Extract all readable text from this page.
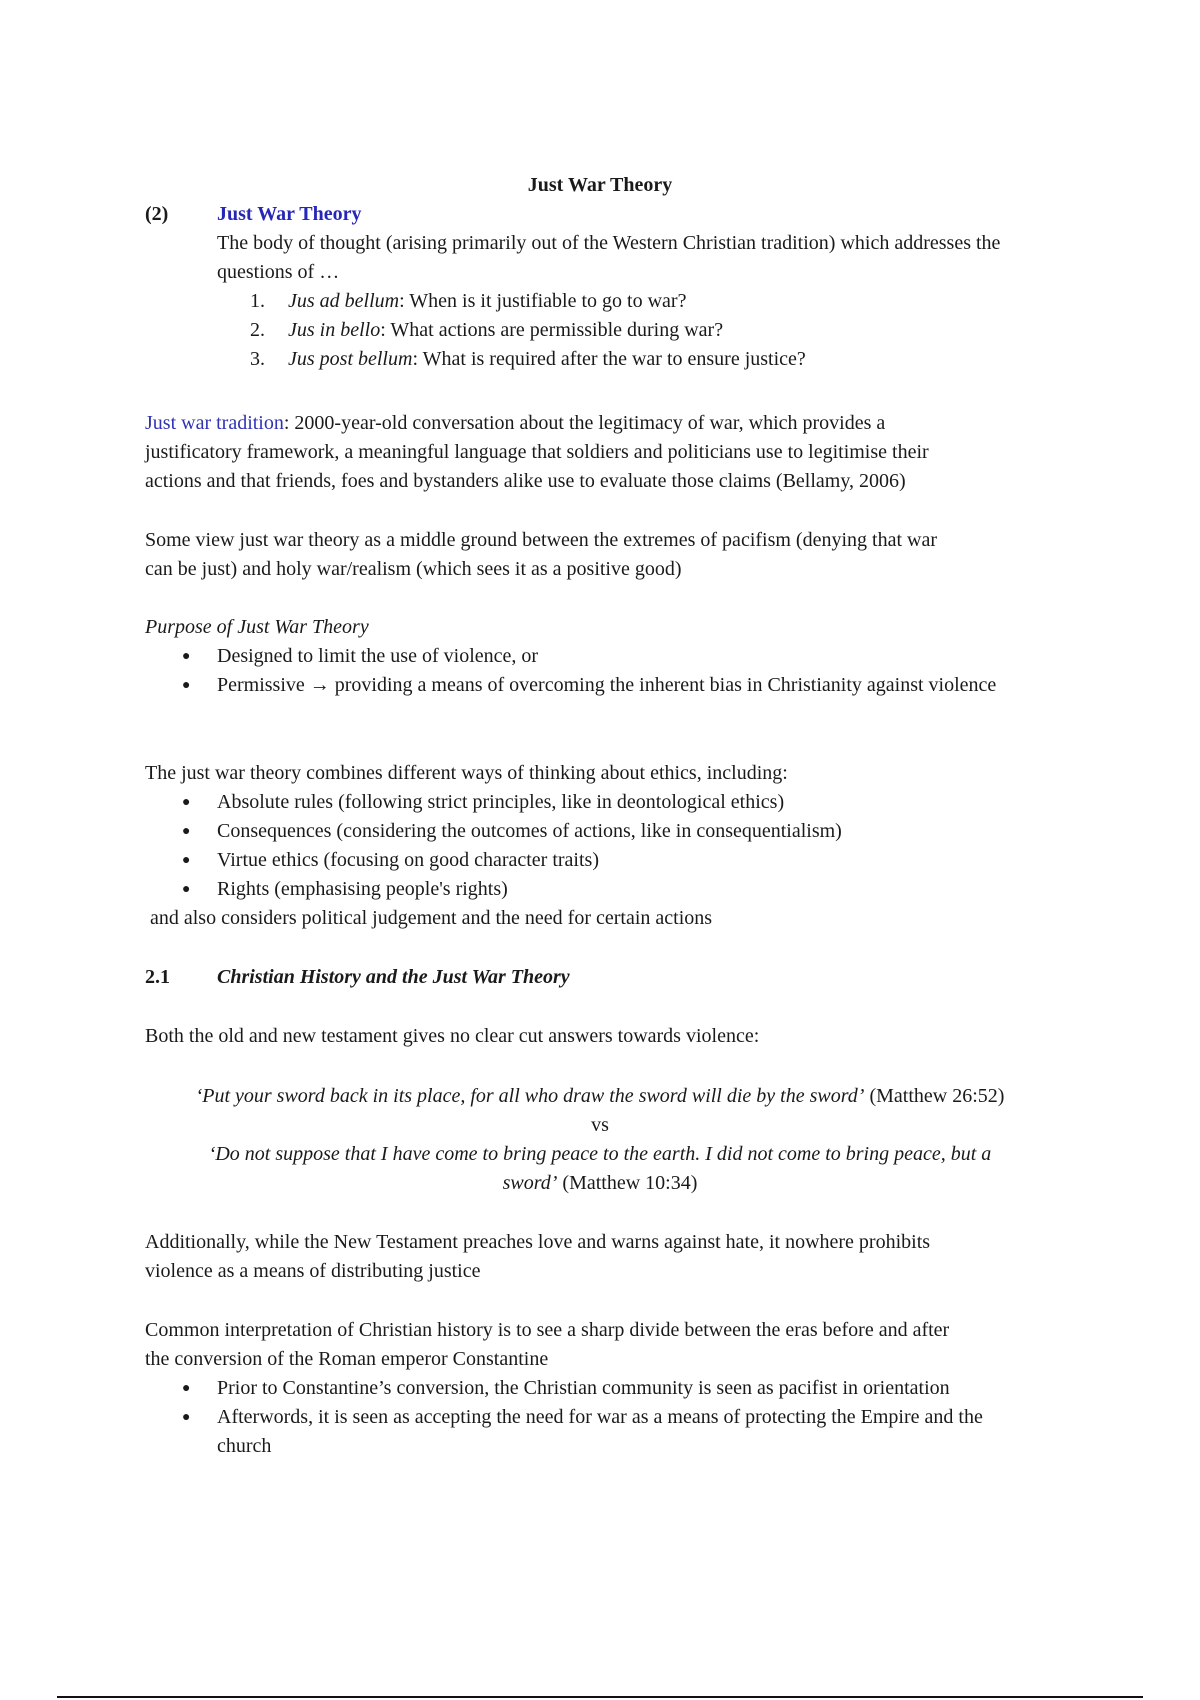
Just War Theory
(2) Just War Theory
The body of thought (arising primarily out of the Western Christian tradition) which addresses the questions of …
1. Jus ad bellum: When is it justifiable to go to war?
2. Jus in bello: What actions are permissible during war?
3. Jus post bellum: What is required after the war to ensure justice?
Just war tradition: 2000-year-old conversation about the legitimacy of war, which provides a
justificatory framework, a meaningful language that soldiers and politicians use to legitimise their
actions and that friends, foes and bystanders alike use to evaluate those claims (Bellamy, 2006)
Some view just war theory as a middle ground between the extremes of pacifism (denying that war
can be just) and holy war/realism (which sees it as a positive good)
Purpose of Just War Theory
● Designed to limit the use of violence, or
● Permissive → providing a means of overcoming the inherent bias in Christianity against violence
The just war theory combines different ways of thinking about ethics, including:
● Absolute rules (following strict principles, like in deontological ethics)
● Consequences (considering the outcomes of actions, like in consequentialism)
● Virtue ethics (focusing on good character traits)
● Rights (emphasising people's rights)
and also considers political judgement and the need for certain actions
2.1 Christian History and the Just War Theory
Both the old and new testament gives no clear cut answers towards violence:
‘Put your sword back in its place, for all who draw the sword will die by the sword’ (Matthew 26:52)
vs
‘Do not suppose that I have come to bring peace to the earth. I did not come to bring peace, but a
sword’ (Matthew 10:34)
Additionally, while the New Testament preaches love and warns against hate, it nowhere prohibits
violence as a means of distributing justice
Common interpretation of Christian history is to see a sharp divide between the eras before and after
the conversion of the Roman emperor Constantine
● Prior to Constantine’s conversion, the Christian community is seen as pacifist in orientation
● Afterwords, it is seen as accepting the need for war as a means of protecting the Empire and the church
